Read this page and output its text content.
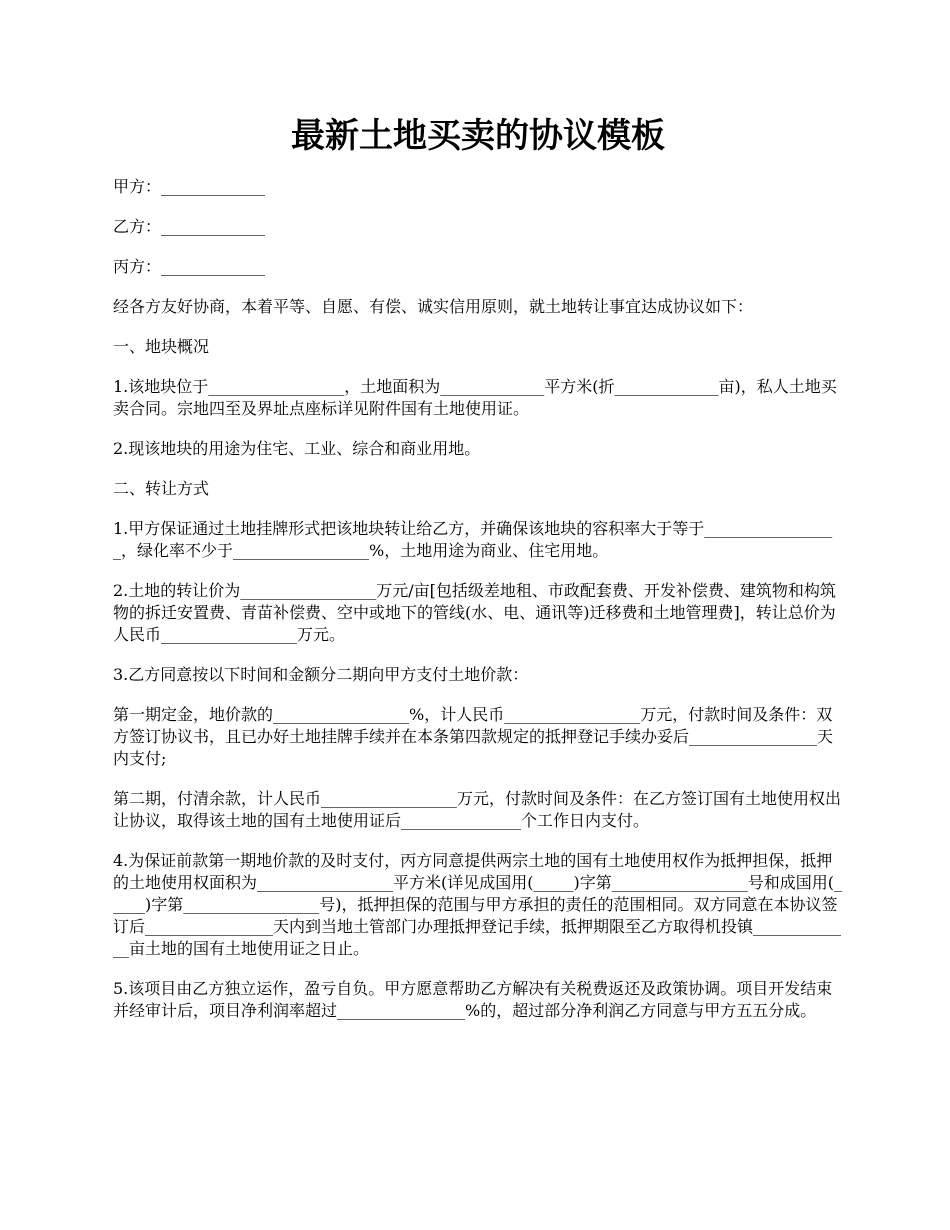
最新土地买卖的协议模板
甲方：_____________
乙方：_____________
丙方：_____________
经各方友好协商，本着平等、自愿、有偿、诚实信用原则，就土地转让事宜达成协议如下：
一、地块概况
1.该地块位于_________________，土地面积为_____________平方米(折_____________亩)，私人土地买卖合同。宗地四至及界址点座标详见附件国有土地使用证。
2.现该地块的用途为住宅、工业、综合和商业用地。
二、转让方式
1.甲方保证通过土地挂牌形式把该地块转让给乙方，并确保该地块的容积率大于等于_________________，绿化率不少于_________________%，土地用途为商业、住宅用地。
2.土地的转让价为_________________万元/亩[包括级差地租、市政配套费、开发补偿费、建筑物和构筑物的拆迁安置费、青苗补偿费、空中或地下的管线(水、电、通讯等)迁移费和土地管理费]，转让总价为人民币_________________万元。
3.乙方同意按以下时间和金额分二期向甲方支付土地价款：
第一期定金，地价款的_________________%，计人民币_________________万元，付款时间及条件：双方签订协议书，且已办好土地挂牌手续并在本条第四款规定的抵押登记手续办妥后________________天内支付;
第二期，付清余款，计人民币_________________万元，付款时间及条件：在乙方签订国有土地使用权出让协议，取得该土地的国有土地使用证后_______________个工作日内支付。
4.为保证前款第一期地价款的及时支付，丙方同意提供两宗土地的国有土地使用权作为抵押担保，抵押的土地使用权面积为_________________平方米(详见成国用(_____)字第_________________号和成国用(_____)字第_________________号)，抵押担保的范围与甲方承担的责任的范围相同。双方同意在本协议签订后________________天内到当地土管部门办理抵押登记手续，抵押期限至乙方取得机投镇_____________亩土地的国有土地使用证之日止。
5.该项目由乙方独立运作，盈亏自负。甲方愿意帮助乙方解决有关税费返还及政策协调。项目开发结束并经审计后，项目净利润率超过________________%的，超过部分净利润乙方同意与甲方五五分成。
